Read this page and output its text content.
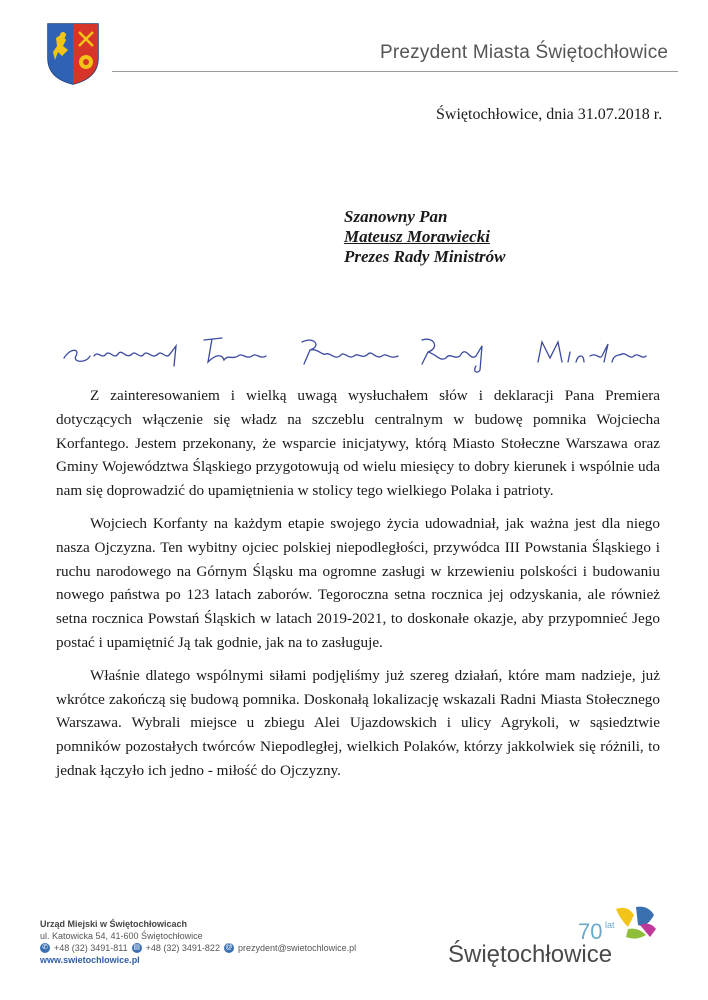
Prezydent Miasta Świętochłowice
Świętochłowice, dnia 31.07.2018 r.
Szanowny Pan
Mateusz Morawiecki
Prezes Rady Ministrów

Z zainteresowaniem i wielką uwagą wysłuchałem słów i deklaracji Pana Premiera dotyczących włączenie się władz na szczeblu centralnym w budowę pomnika Wojciecha Korfantego. Jestem przekonany, że wsparcie inicjatywy, którą Miasto Stołeczne Warszawa oraz Gminy Województwa Śląskiego przygotowują od wielu miesięcy to dobry kierunek i wspólnie uda nam się doprowadzić do upamiętnienia w stolicy tego wielkiego Polaka i patrioty.

Wojciech Korfanty na każdym etapie swojego życia udowadniał, jak ważna jest dla niego nasza Ojczyzna. Ten wybitny ojciec polskiej niepodległości, przywódca III Powstania Śląskiego i ruchu narodowego na Górnym Śląsku ma ogromne zasługi w krzewieniu polskości i budowaniu nowego państwa po 123 latach zaborów. Tegoroczna setna rocznica jej odzyskania, ale również setna rocznica Powstań Śląskich w latach 2019-2021, to doskonałe okazje, aby przypomnieć Jego postać i upamiętnić Ją tak godnie, jak na to zasługuje.

Właśnie dlatego wspólnymi siłami podjęliśmy już szereg działań, które mam nadzieje, już wkrótce zakończą się budową pomnika. Doskonałą lokalizację wskazali Radni Miasta Stołecznego Warszawa. Wybrali miejsce u zbiegu Alei Ujazdowskich i ulicy Agrykoli, w sąsiedztwie pomników pozostałych twórców Niepodległej, wielkich Polaków, którzy jakkolwiek się różnili, to jednak łączyło ich jedno - miłość do Ojczyzny.

Urząd Miejski w Świętochłowicach
ul. Katowicka 54, 41-600 Świętochłowice
✆ +48 (32) 3491-811 ▤ +48 (32) 3491-822 @ prezydent@swietochlowice.pl
www.swietochlowice.pl
70 lat
Świętochłowice
